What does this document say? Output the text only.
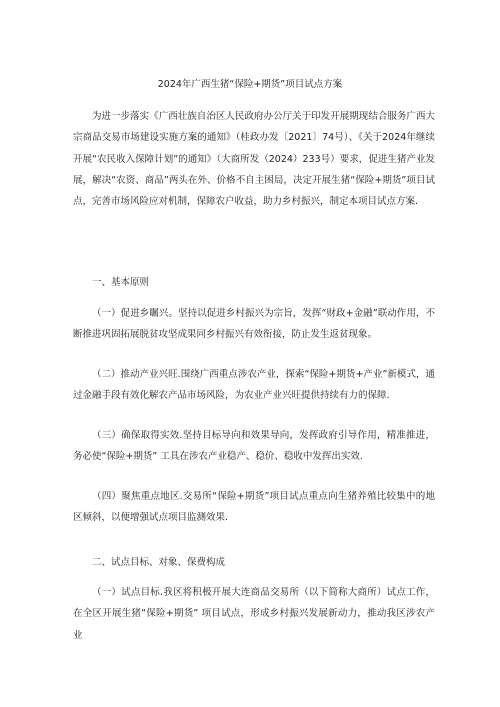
2024年广西生猪“保险+期货”项目试点方案

为进一步落实《广西壮族自治区人民政府办公厅关于印发开展期现结合服务广西大宗商品交易市场建设实施方案的通知》（桂政办发〔2021〕74号）、《关于2024年继续开展“农民收入保障计划”的通知》（大商所发（2024）233号）要求，促进生猪产业发展，解决“农资、商品”两头在外、价格不自主困局，决定开展生猪“保险+期货”项目试点，完善市场风险应对机制，保障农户收益，助力乡村振兴，制定本项目试点方案.

一、基本原则

（一）促进乡瞩兴。坚持以促进乡村振兴为宗旨，发挥“财政+金融”联动作用，不断推进巩固拓展脱贫攻坚成果同乡村振兴有效衔接，防止发生返贫现象。

（二）推动产业兴旺.围绕广西重点涉农产业，探索“保险+期货+产业”新模式，通过金融手段有效化解农产品市场风险，为农业产业兴旺提供持续有力的保障.

（三）确保取得实效.坚持目标导向和效果导向，发挥政府引导作用，精准推进，务必使“保险+期货” 工具在涉农产业稳产、稳价、稳收中发挥出实效.

（四）聚焦重点地区.交易所“保险+期货”项目试点重点向生猪养殖比较集中的地区倾斜，以便增强试点项目监测效果.

二、试点目标、对象、保费构成

（一）试点目标.我区将积极开展大连商品交易所（以下简称大商所）试点工作，在全区开展生猪“保险+期货” 项目试点，形成乡村振兴发展新动力，推动我区涉农产业
